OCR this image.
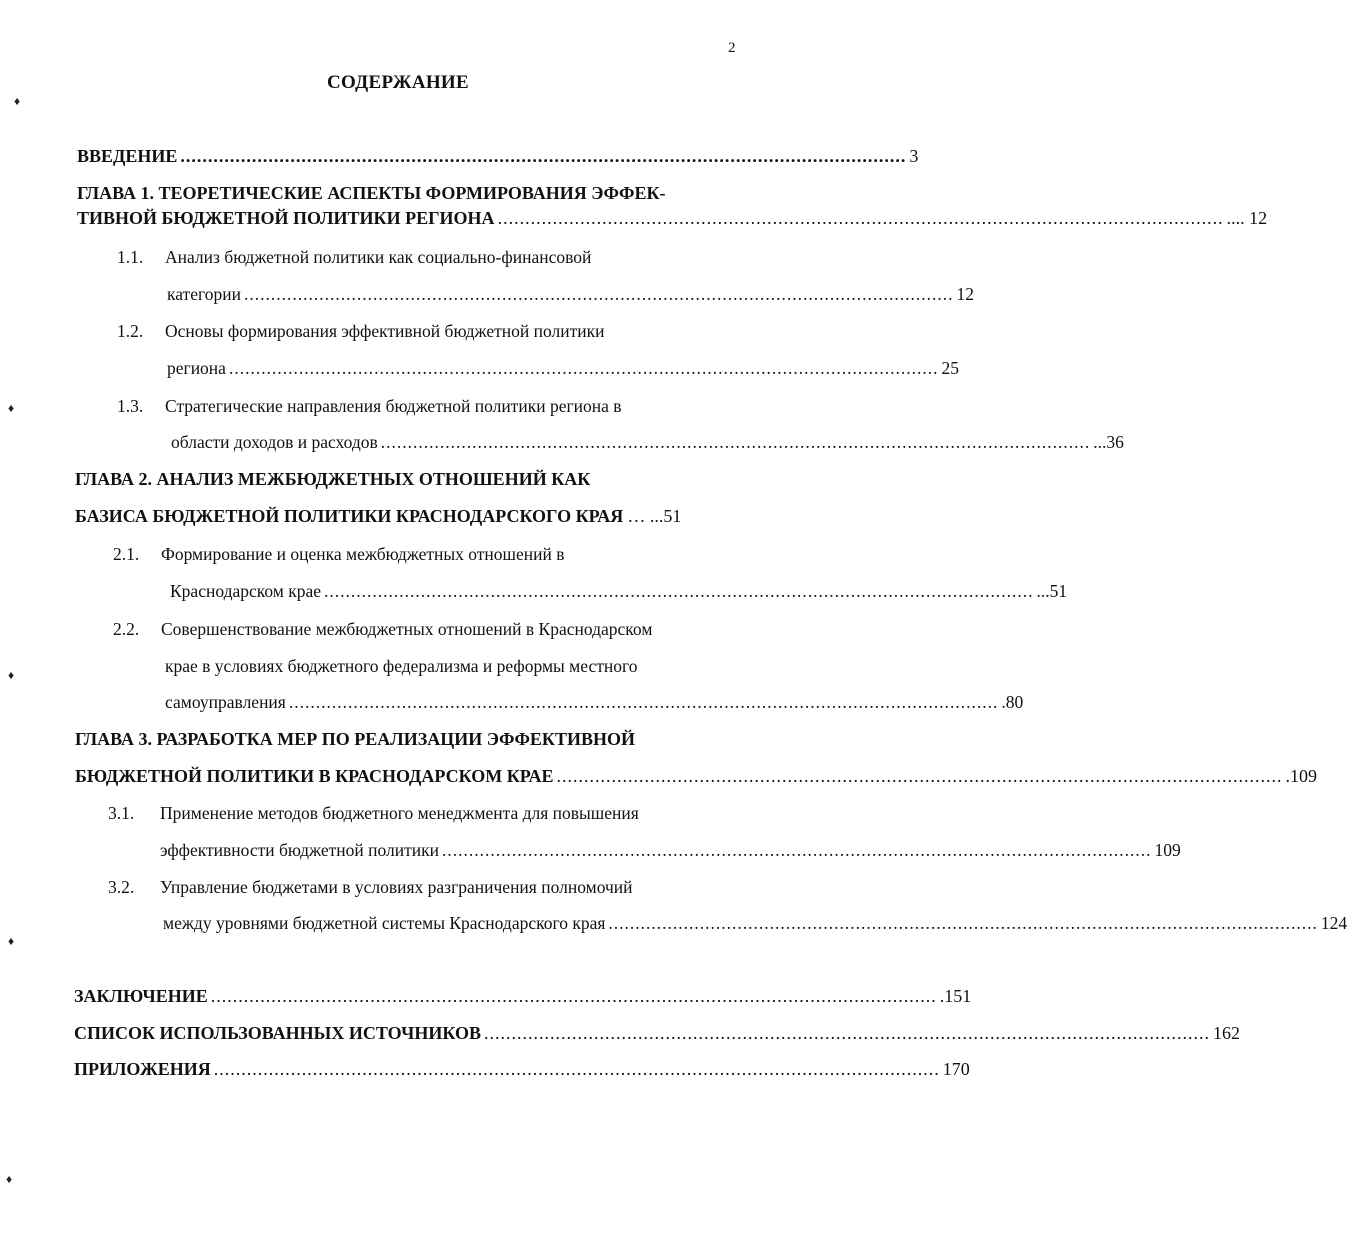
2
СОДЕРЖАНИЕ
ВВЕДЕНИЕ .................................................................................................................................... 3
ГЛАВА 1. ТЕОРЕТИЧЕСКИЕ АСПЕКТЫ ФОРМИРОВАНИЯ ЭФФЕК-
ТИВНОЙ БЮДЖЕТНОЙ ПОЛИТИКИ РЕГИОНА .................................................................................................................................... .... 12
1.1.	Анализ бюджетной политики как социально-финансовой
категории .................................................................................................................................... 12
1.2.	Основы формирования эффективной бюджетной политики
региона .................................................................................................................................... 25
1.3.	Стратегические направления бюджетной политики региона в
области доходов и расходов .................................................................................................................................... ...36
ГЛАВА 2. АНАЛИЗ МЕЖБЮДЖЕТНЫХ ОТНОШЕНИЙ КАК
БАЗИСА БЮДЖЕТНОЙ ПОЛИТИКИ КРАСНОДАРСКОГО КРАЯ … ...51
2.1.	Формирование и оценка межбюджетных отношений в
Краснодарском крае .................................................................................................................................... ...51
2.2.	Совершенствование межбюджетных отношений в Краснодарском
крае в условиях бюджетного федерализма и реформы местного
самоуправления .................................................................................................................................... .80
ГЛАВА 3. РАЗРАБОТКА МЕР ПО РЕАЛИЗАЦИИ ЭФФЕКТИВНОЙ
БЮДЖЕТНОЙ ПОЛИТИКИ В КРАСНОДАРСКОМ КРАЕ .................................................................................................................................... .109
3.1.	Применение методов бюджетного менеджмента для повышения
эффективности бюджетной политики .................................................................................................................................... 109
3.2.	Управление бюджетами в условиях разграничения полномочий
между уровнями бюджетной системы Краснодарского края .................................................................................................................................... 124
ЗАКЛЮЧЕНИЕ .................................................................................................................................... .151
СПИСОК ИСПОЛЬЗОВАННЫХ ИСТОЧНИКОВ .................................................................................................................................... 162
ПРИЛОЖЕНИЯ .................................................................................................................................... 170
♦
♦
♦
♦
♦
